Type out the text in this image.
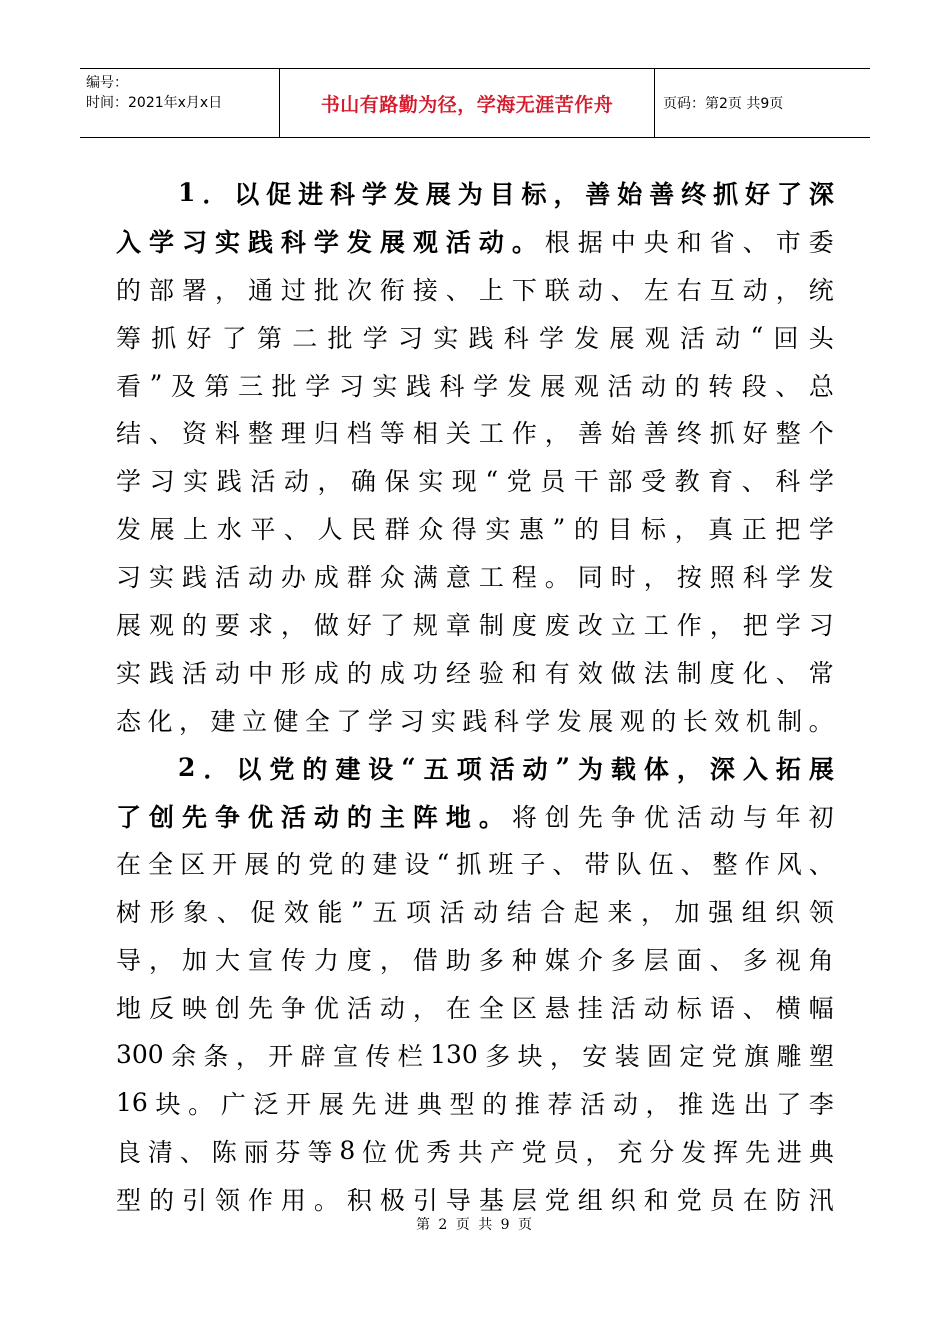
编号：
时间：2021年x月x日	书山有路勤为径，学海无涯苦作舟	页码：第2页 共9页
1 ． 以 促 进 科 学 发 展 为 目 标 ， 善 始 善 终 抓 好 了 深
入 学 习 实 践 科 学 发 展 观 活 动 。 根 据 中 央 和 省 、 市 委
的 部 署 ， 通 过 批 次 衔 接 、 上 下 联 动 、 左 右 互 动 ， 统
筹 抓 好 了 第 二 批 学 习 实 践 科 学 发 展 观 活 动 “ 回 头
看 ” 及 第 三 批 学 习 实 践 科 学 发 展 观 活 动 的 转 段 、 总
结 、 资 料 整 理 归 档 等 相 关 工 作 ， 善 始 善 终 抓 好 整 个
学 习 实 践 活 动 ， 确 保 实 现 “ 党 员 干 部 受 教 育 、 科 学
发 展 上 水 平 、 人 民 群 众 得 实 惠 ” 的 目 标 ， 真 正 把 学
习 实 践 活 动 办 成 群 众 满 意 工 程 。 同 时 ， 按 照 科 学 发
展 观 的 要 求 ， 做 好 了 规 章 制 度 废 改 立 工 作 ， 把 学 习
实 践 活 动 中 形 成 的 成 功 经 验 和 有 效 做 法 制 度 化 、 常
态 化 ， 建 立 健 全 了 学 习 实 践 科 学 发 展 观 的 长 效 机 制 。
2 ． 以 党 的 建 设 “ 五 项 活 动 ” 为 载 体 ， 深 入 拓 展
了 创 先 争 优 活 动 的 主 阵 地 。 将 创 先 争 优 活 动 与 年 初
在 全 区 开 展 的 党 的 建 设 “ 抓 班 子 、 带 队 伍 、 整 作 风 、
树 形 象 、 促 效 能 ” 五 项 活 动 结 合 起 来 ， 加 强 组 织 领
导 ， 加 大 宣 传 力 度 ， 借 助 多 种 媒 介 多 层 面 、 多 视 角
地 反 映 创 先 争 优 活 动 ， 在 全 区 悬 挂 活 动 标 语 、 横 幅
300 余 条 ， 开 辟 宣 传 栏 130 多 块 ， 安 装 固 定 党 旗 雕 塑
16 块 。 广 泛 开 展 先 进 典 型 的 推 荐 活 动 ， 推 选 出 了 李
良 清 、 陈 丽 芬 等 8 位 优 秀 共 产 党 员 ， 充 分 发 挥 先 进 典
型 的 引 领 作 用 。 积 极 引 导 基 层 党 组 织 和 党 员 在 防 汛
第 2 页 共 9 页
